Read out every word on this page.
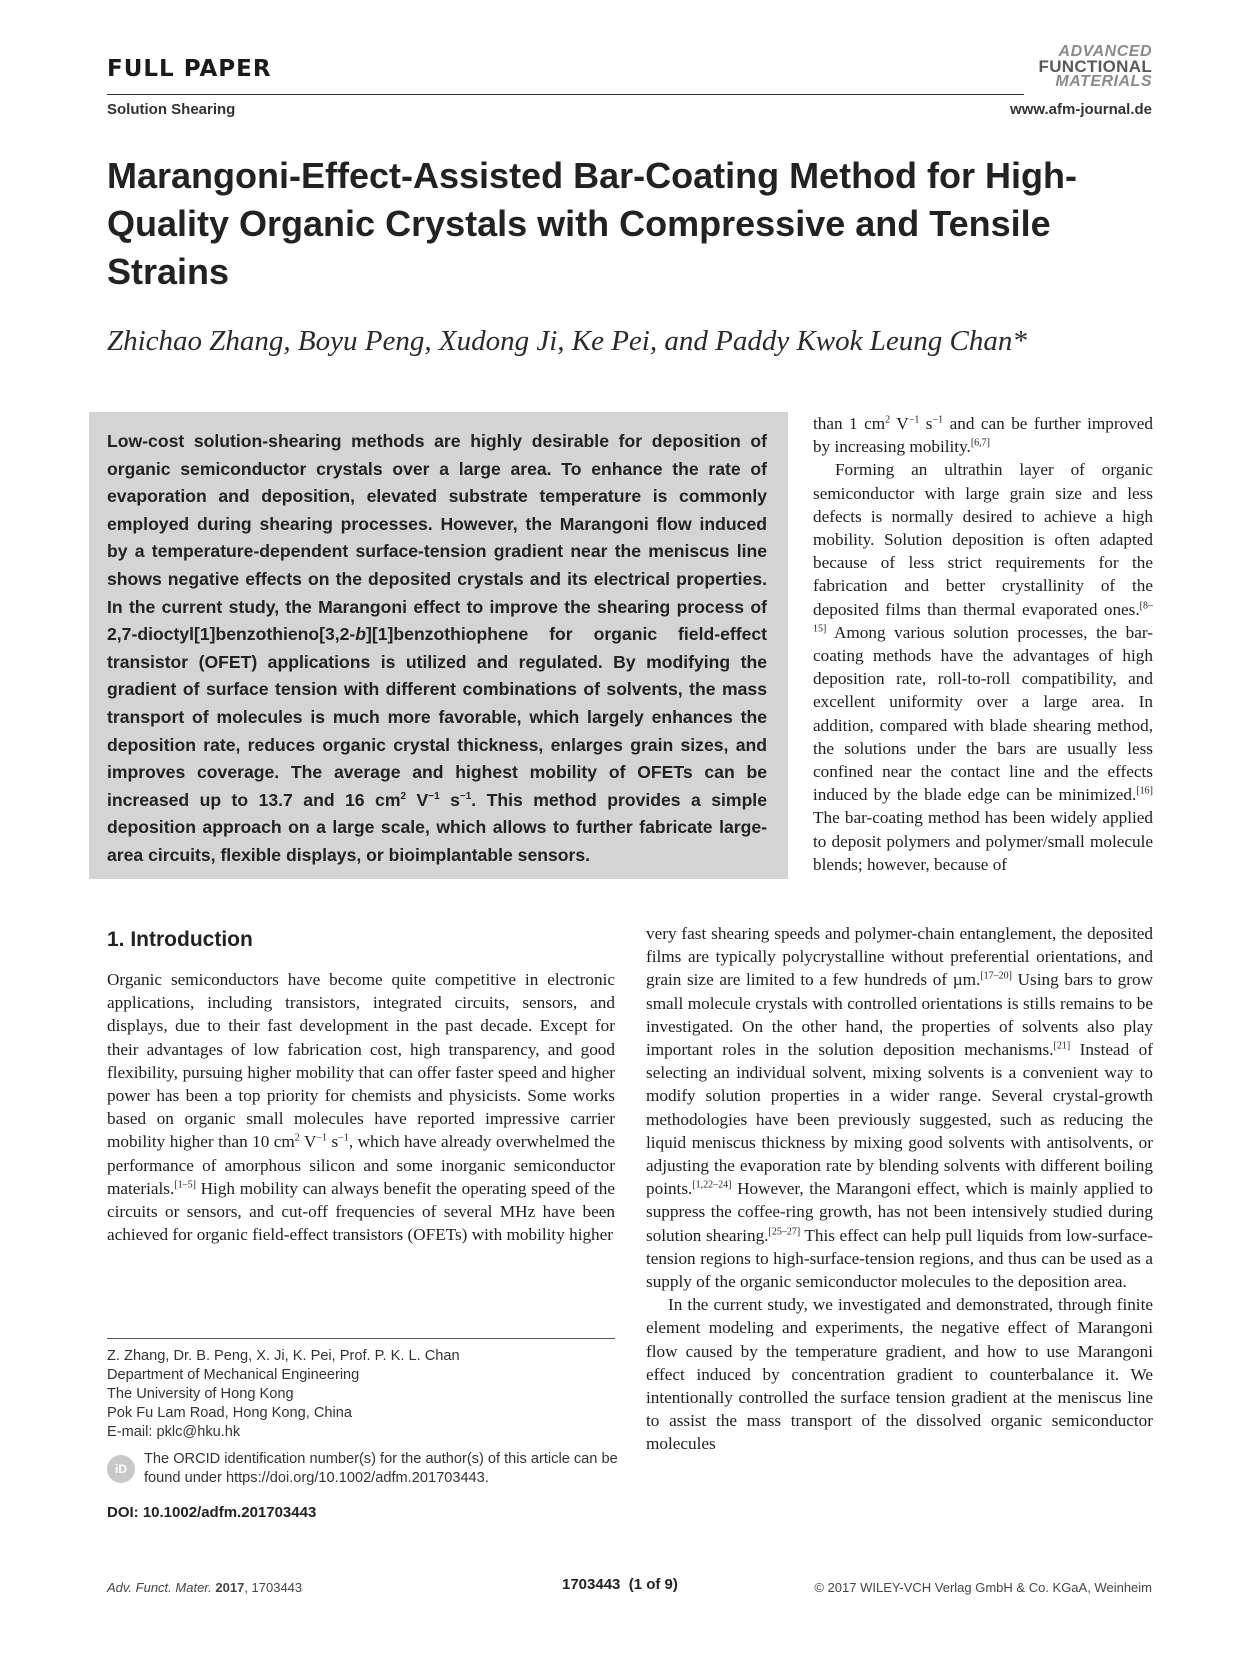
FULL PAPER
Solution Shearing
ADVANCED
FUNCTIONAL
MATERIALS
www.afm-journal.de
Marangoni-Effect-Assisted Bar-Coating Method for High-Quality Organic Crystals with Compressive and Tensile Strains
Zhichao Zhang, Boyu Peng, Xudong Ji, Ke Pei, and Paddy Kwok Leung Chan*
Low-cost solution-shearing methods are highly desirable for deposition of organic semiconductor crystals over a large area. To enhance the rate of evaporation and deposition, elevated substrate temperature is commonly employed during shearing processes. However, the Marangoni flow induced by a temperature-dependent surface-tension gradient near the meniscus line shows negative effects on the deposited crystals and its electrical properties. In the current study, the Marangoni effect to improve the shearing process of 2,7-dioctyl[1]benzothieno[3,2-b][1]benzothiophene for organic field-effect transistor (OFET) applications is utilized and regulated. By modifying the gradient of surface tension with different combinations of solvents, the mass transport of molecules is much more favorable, which largely enhances the deposition rate, reduces organic crystal thickness, enlarges grain sizes, and improves coverage. The average and highest mobility of OFETs can be increased up to 13.7 and 16 $cm^2$ $V^{-1}$ $s^{-1}$. This method provides a simple deposition approach on a large scale, which allows to further fabricate large-area circuits, flexible displays, or bioimplantable sensors.

than 1 $cm^2$ $V^{-1}$ $s^{-1}$ and can be further improved by increasing mobility.[6,7]

Forming an ultrathin layer of organic semiconductor with large grain size and less defects is normally desired to achieve a high mobility. Solution deposition is often adapted because of less strict requirements for the fabrication and better crystallinity of the deposited films than thermal evaporated ones.[8–15] Among various solution processes, the bar-coating methods have the advantages of high deposition rate, roll-to-roll compatibility, and excellent uniformity over a large area. In addition, compared with blade shearing method, the solutions under the bars are usually less confined near the contact line and the effects induced by the blade edge can be minimized.[16] The bar-coating method has been widely applied to deposit polymers and polymer/small molecule blends; however, because of

1. Introduction

Organic semiconductors have become quite competitive in electronic applications, including transistors, integrated circuits, sensors, and displays, due to their fast development in the past decade. Except for their advantages of low fabrication cost, high transparency, and good flexibility, pursuing higher mobility that can offer faster speed and higher power has been a top priority for chemists and physicists. Some works based on organic small molecules have reported impressive carrier mobility higher than 10 $cm^2$ $V^{-1}$ $s^{-1}$, which have already overwhelmed the performance of amorphous silicon and some inorganic semiconductor materials.[1–5] High mobility can always benefit the operating speed of the circuits or sensors, and cut-off frequencies of several MHz have been achieved for organic field-effect transistors (OFETs) with mobility higher

very fast shearing speeds and polymer-chain entanglement, the deposited films are typically polycrystalline without preferential orientations, and grain size are limited to a few hundreds of µm.[17–20] Using bars to grow small molecule crystals with controlled orientations is stills remains to be investigated. On the other hand, the properties of solvents also play important roles in the solution deposition mechanisms.[21] Instead of selecting an individual solvent, mixing solvents is a convenient way to modify solution properties in a wider range. Several crystal-growth methodologies have been previously suggested, such as reducing the liquid meniscus thickness by mixing good solvents with antisolvents, or adjusting the evaporation rate by blending solvents with different boiling points.[1,22–24] However, the Marangoni effect, which is mainly applied to suppress the coffee-ring growth, has not been intensively studied during solution shearing.[25–27] This effect can help pull liquids from low-surface-tension regions to high-surface-tension regions, and thus can be used as a supply of the organic semiconductor molecules to the deposition area.

In the current study, we investigated and demonstrated, through finite element modeling and experiments, the negative effect of Marangoni flow caused by the temperature gradient, and how to use Marangoni effect induced by concentration gradient to counterbalance it. We intentionally controlled the surface tension gradient at the meniscus line to assist the mass transport of the dissolved organic semiconductor molecules

Z. Zhang, Dr. B. Peng, X. Ji, K. Pei, Prof. P. K. L. Chan
Department of Mechanical Engineering
The University of Hong Kong
Pok Fu Lam Road, Hong Kong, China
E-mail: pklc@hku.hk
iD
The ORCID identification number(s) for the author(s) of this article can be found under https://doi.org/10.1002/adfm.201703443.
DOI: 10.1002/adfm.201703443
Adv. Funct. Mater. 2017, 1703443	1703443  (1 of 9)	© 2017 WILEY-VCH Verlag GmbH & Co. KGaA, Weinheim
